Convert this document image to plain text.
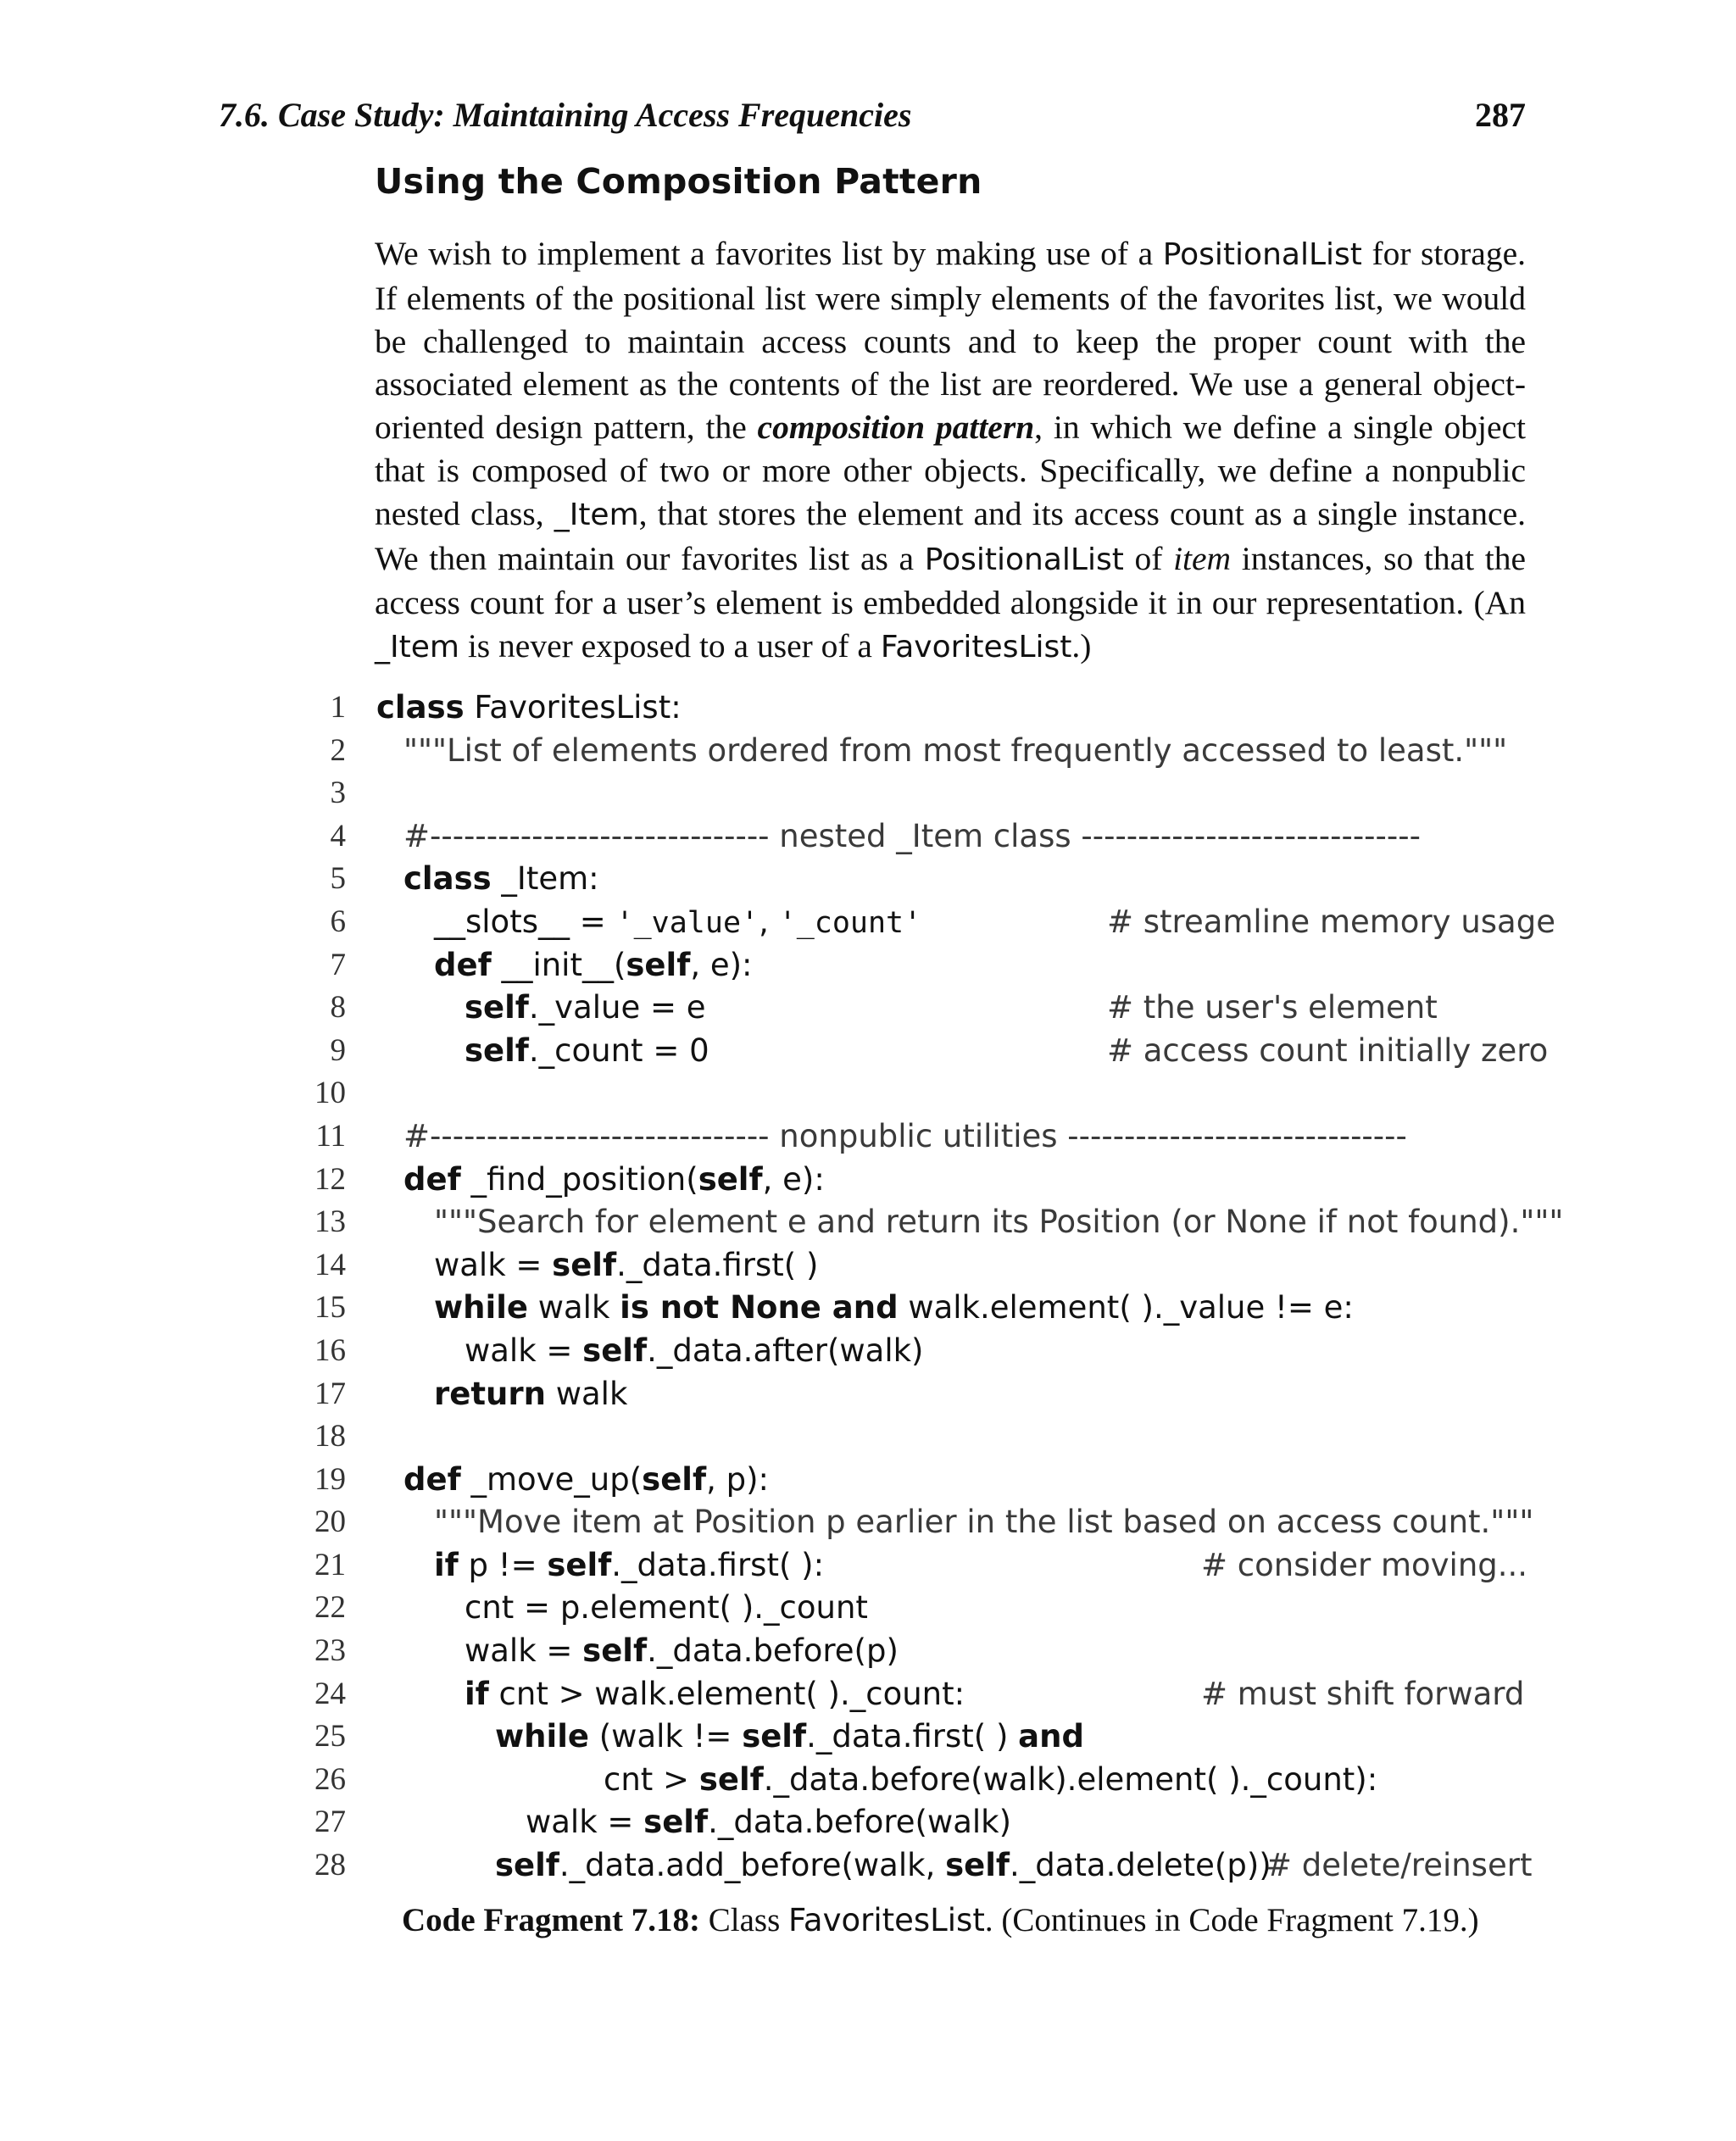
7.6. Case Study: Maintaining Access Frequencies	287
Using the Composition Pattern

We wish to implement a favorites list by making use of a PositionalList for storage. If elements of the positional list were simply elements of the favorites list, we would be challenged to maintain access counts and to keep the proper count with the associated element as the contents of the list are reordered. We use a general object-oriented design pattern, the composition pattern, in which we define a single object that is composed of two or more other objects. Specifically, we define a nonpublic nested class, _Item, that stores the element and its access count as a single instance. We then maintain our favorites list as a PositionalList of item instances, so that the access count for a user’s element is embedded alongside it in our representation. (An _Item is never exposed to a user of a FavoritesList.)

1 class FavoritesList:
2 """List of elements ordered from most frequently accessed to least."""
3
4 #------------------------------ nested _Item class ------------------------------
5 class _Item:
6	__slots__ = '_value', '_count'	# streamline memory usage
7	def __init__(self, e):
8	self._value = e	# the user's element
9	self._count = 0	# access count initially zero
10
11 #------------------------------ nonpublic utilities ------------------------------
12 def _find_position(self, e):
13	"""Search for element e and return its Position (or None if not found)."""
14	walk = self._data.first( )
15	while walk is not None and walk.element( )._value != e:
16	walk = self._data.after(walk)
17	return walk
18
19 def _move_up(self, p):
20	"""Move item at Position p earlier in the list based on access count."""
21	if p != self._data.first( ):	# consider moving...
22	cnt = p.element( )._count
23	walk = self._data.before(p)
24	if cnt > walk.element( )._count:	# must shift forward
25	while (walk != self._data.first( ) and
26	cnt > self._data.before(walk).element( )._count):
27	walk = self._data.before(walk)
28	self._data.add_before(walk, self._data.delete(p))
# delete/reinsert
Code Fragment 7.18: Class FavoritesList. (Continues in Code Fragment 7.19.)
